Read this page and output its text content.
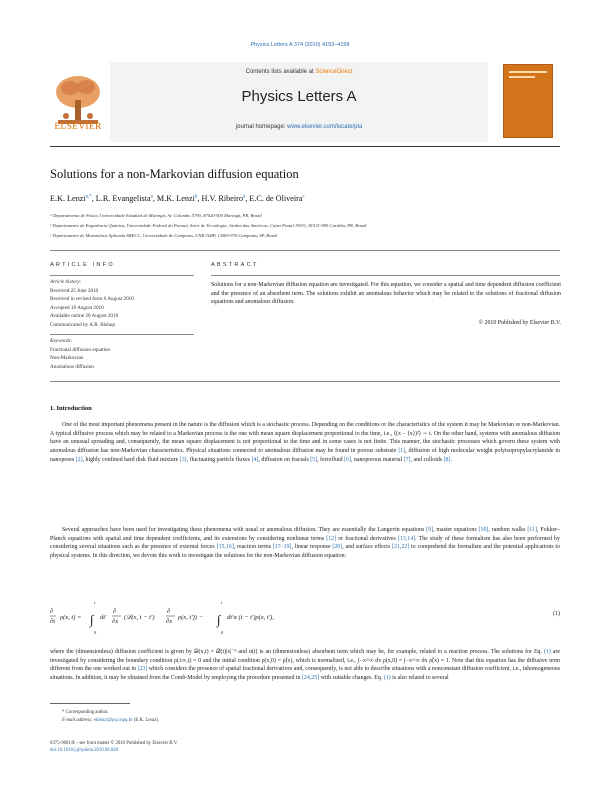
Physics Letters A 374 (2010) 4193–4198
Contents lists available at ScienceDirect
Physics Letters A
journal homepage: www.elsevier.com/locate/pla
ELSEVIER
Solutions for a non-Markovian diffusion equation
E.K. Lenzi$^{a,*}$, L.R. Evangelista$^a$, M.K. Lenzi$^b$, H.V. Ribeiro$^a$, E.C. de Oliveira$^c$
ᵃ Departamento de Física, Universidade Estadual de Maringá, Av. Colombo 5790, 87020-900 Maringá, PR, Brazil
ᵇ Departamento de Engenharia Química, Universidade Federal do Paraná, Setor de Tecnologia, Jardim das Américas, Caixa Postal 19011, 81531-990 Curitiba, PR, Brazil
ᶜ Departamento de Matemática Aplicada IMECC, Universidade de Campinas, UNICAMP, 13083-970 Campinas, SP, Brazil
ARTICLE INFO
Article history:
Received 25 June 2010
Received in revised form 6 August 2010
Accepted 18 August 2010
Available online 20 August 2010
Communicated by A.R. Bishop
Keywords:
Fractional diffusion equation
Non-Markovian
Anomalous diffusion
ABSTRACT
Solutions for a non-Markovian diffusion equation are investigated. For this equation, we consider a spatial and time dependent diffusion coefficient and the presence of an absorbent term. The solutions exhibit an anomalous behavior which may be related to the solutions of fractional diffusion equations and anomalous diffusion.
© 2010 Published by Elsevier B.V.
1. Introduction

One of the most important phenomena present in the nature is the diffusion which is a stochastic process. Depending on the conditions or the characteristics of the system it may be Markovian or non-Markovian. A typical diffusive process which may be related to a Markovian process is the one with mean square displacement proportional to the time, i.e., ⟨(x − ⟨x⟩)²⟩ ∼ t. On the other hand, systems with anomalous diffusion have an unusual spreading and, consequently, the mean square displacement is not proportional to the time and in some cases is not finite. This manner, the stochastic processes which govern these system with anomalous diffusion has non-Markovian characteristics. Physical situations connected to anomalous diffusion may be found in porous substrate [1], diffusion of high molecular weight polyisopropylacrylamide in nanopores [2], highly confined hard disk fluid mixture [3], fluctuating particle fluxes [4], diffusion on fractals [5], ferrofluid [6], nanoporous material [7], and colloids [8].

Several approaches have been used for investigating these phenomena with usual or anomalous diffusion. They are essentially the Langevin equations [9], master equations [10], random walks [11], Fokker–Planck equations with spatial and time dependent coefficients, and its extensions by considering nonlinear terms [12] or fractional derivatives [13,14]. The study of these formalism has also been performed by considering several situations such as the presence of external forces [15,16], reaction terms [17–19], linear response [20], and surface effects [21,22] to comprehend the formalism and the potential applications to physical systems. In this direction, we devote this work to investigate the solutions for the non-Markovian diffusion equation:

∂
∂t
ρ(x, t) = ∫
t
0
dt′
∂
∂x
(𝒟(x, t − t′)
∂
∂x
ρ(x, t′)) − ∫
t
0
dt′α (t − t′)ρ(x, t′),	(1)

where the (dimensionless) diffusion coefficient is given by 𝒟(x,t) = 𝒟̄(t)|x|⁻ᶯ and α(t) is an (dimensionless) absorbent term which may be, for example, related to a reaction process. The solutions for Eq. (1) are investigated by considering the boundary condition ρ(±∞,t) = 0 and the initial condition ρ(x,0) = ρ̃(x), which is normalized, i.e., ∫₋∞^∞ dx ρ(x,0) = ∫₋∞^∞ dx ρ̃(x) = 1. Note that this equation has the diffusive term different from the one worked out in [23] which considers the presence of spatial fractional derivatives and, consequently, is not able to describe situations with a nonconstant diffusion coefficient, i.e., inhomogeneous situations. In addition, it may be obtained from the Comb-Model by employing the procedure presented in [24,25] with suitable changes. Eq. (1) is also related to several

* Corresponding author.
E-mail address: eklenzi@pq.cnpq.br (E.K. Lenzi).
0375-9601/$ – see front matter © 2010 Published by Elsevier B.V.
doi:10.1016/j.physleta.2010.08.049
